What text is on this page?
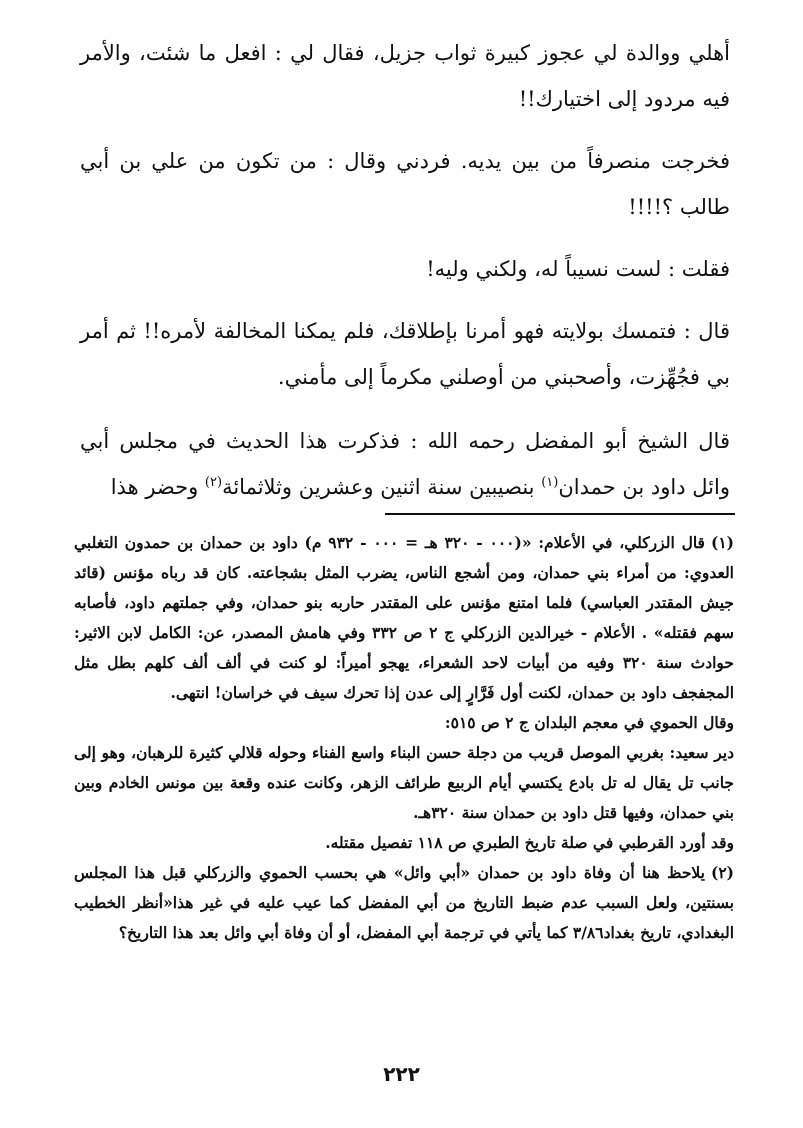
أهلي ووالدة لي عجوز كبيرة ثواب جزيل، فقال لي : افعل ما شئت، والأمر فيه مردود إلى اختيارك!!

فخرجت منصرفاً من بين يديه. فردني وقال : من تكون من علي بن أبي طالب ؟!!!!

فقلت : لست نسيباً له، ولكني وليه!

قال : فتمسك بولايته فهو أمرنا بإطلاقك، فلم يمكنا المخالفة لأمره!! ثم أمر بي فجُهِّزت، وأصحبني من أوصلني مكرماً إلى مأمني.

قال الشيخ أبو المفضل رحمه الله : فذكرت هذا الحديث في مجلس أبي وائل داود بن حمدان$^{(١)}$ بنصيبين سنة اثنين وعشرين وثلاثمائة$^{(٢)}$ وحضر هذا

(١)قال الزركلي، في الأعلام: «(٠٠٠ - ٣٢٠ هـ = ٠٠٠ - ٩٣٢ م) داود بن حمدان بن حمدون التغلبي العدوي: من أمراء بني حمدان، ومن أشجع الناس، يضرب المثل بشجاعته. كان قد رباه مؤنس (قائد جيش المقتدر العباسي) فلما امتنع مؤنس على المقتدر حاربه بنو حمدان، وفي جملتهم داود، فأصابه سهم فقتله» . الأعلام - خيرالدين الزركلي ج ٢ ص ٣٣٢ وفي هامش المصدر، عن: الكامل لابن الاثير: حوادث سنة ٣٢٠ وفيه من أبيات لاحد الشعراء، يهجو أميراً: لو كنت في ألف ألف كلهم بطل مثل المجفجف داود بن حمدان، لكنت أول فَرَّارٍ إلى عدن إذا تحرك سيف في خراسان! انتهى.

وقال الحموي في معجم البلدان ج ٢ ص ٥١٥:

دير سعيد: بغربي الموصل قريب من دجلة حسن البناء واسع الفناء وحوله قلالي كثيرة للرهبان، وهو إلى جانب تل يقال له تل بادع يكتسي أيام الربيع طرائف الزهر، وكانت عنده وقعة بين مونس الخادم وبين بني حمدان، وفيها قتل داود بن حمدان سنة ٣٢٠هـ.

وقد أورد القرطبي في صلة تاريخ الطبري ص ١١٨ تفصيل مقتله.

(٢)يلاحظ هنا أن وفاة داود بن حمدان «أبي وائل» هي بحسب الحموي والزركلي قبل هذا المجلس بسنتين، ولعل السبب عدم ضبط التاريخ من أبي المفضل كما عيب عليه في غير هذا«أنظر الخطيب البغدادي، تاريخ بغداد٣/٨٦ كما يأتي في ترجمة أبي المفضل، أو أن وفاة أبي وائل بعد هذا التاريخ؟

٢٢٢
